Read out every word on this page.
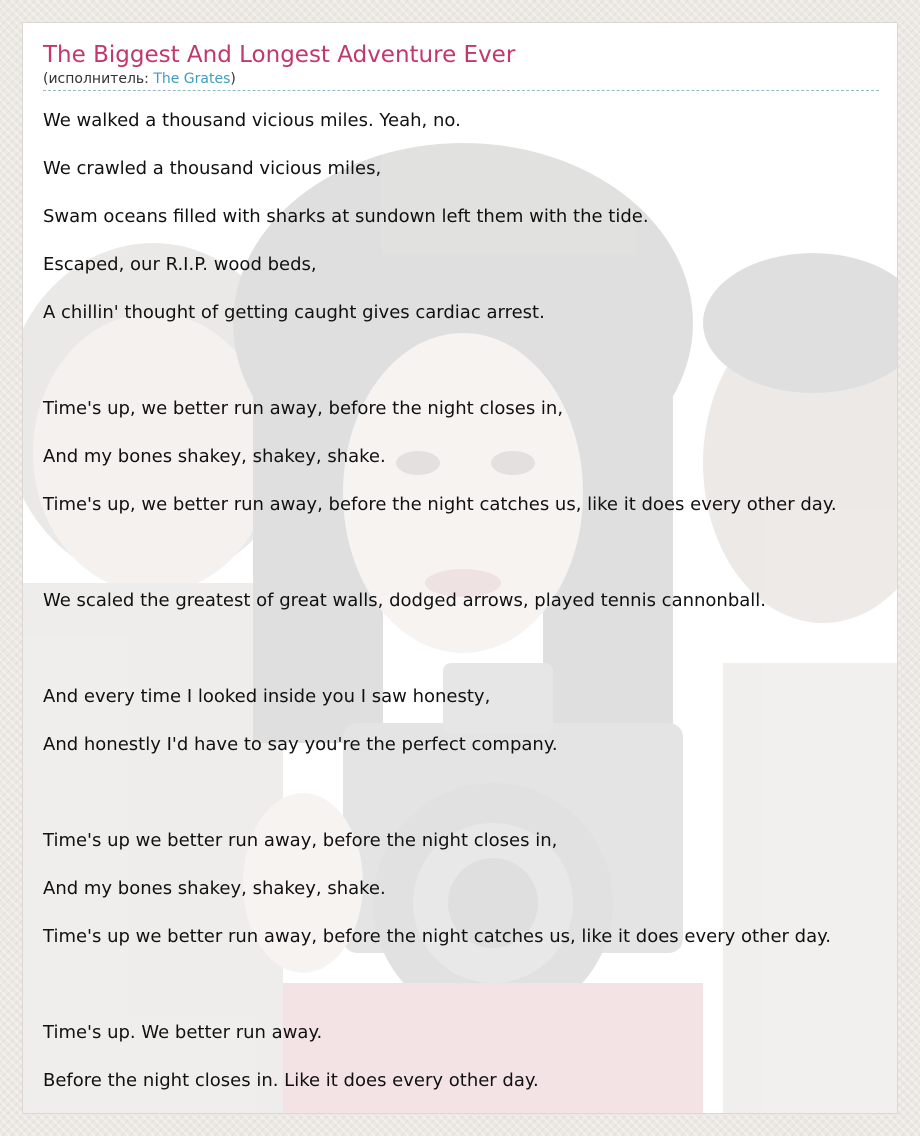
The Biggest And Longest Adventure Ever
(исполнитель: The Grates)
We walked a thousand vicious miles. Yeah, no.
We crawled a thousand vicious miles,
Swam oceans filled with sharks at sundown left them with the tide.
Escaped, our R.I.P. wood beds,
A chillin' thought of getting caught gives cardiac arrest.
Time's up, we better run away, before the night closes in,
And my bones shakey, shakey, shake.
Time's up, we better run away, before the night catches us, like it does every other day.
We scaled the greatest of great walls, dodged arrows, played tennis cannonball.
And every time I looked inside you I saw honesty,
And honestly I'd have to say you're the perfect company.
Time's up we better run away, before the night closes in,
And my bones shakey, shakey, shake.
Time's up we better run away, before the night catches us, like it does every other day.
Time's up. We better run away.
Before the night closes in. Like it does every other day.
